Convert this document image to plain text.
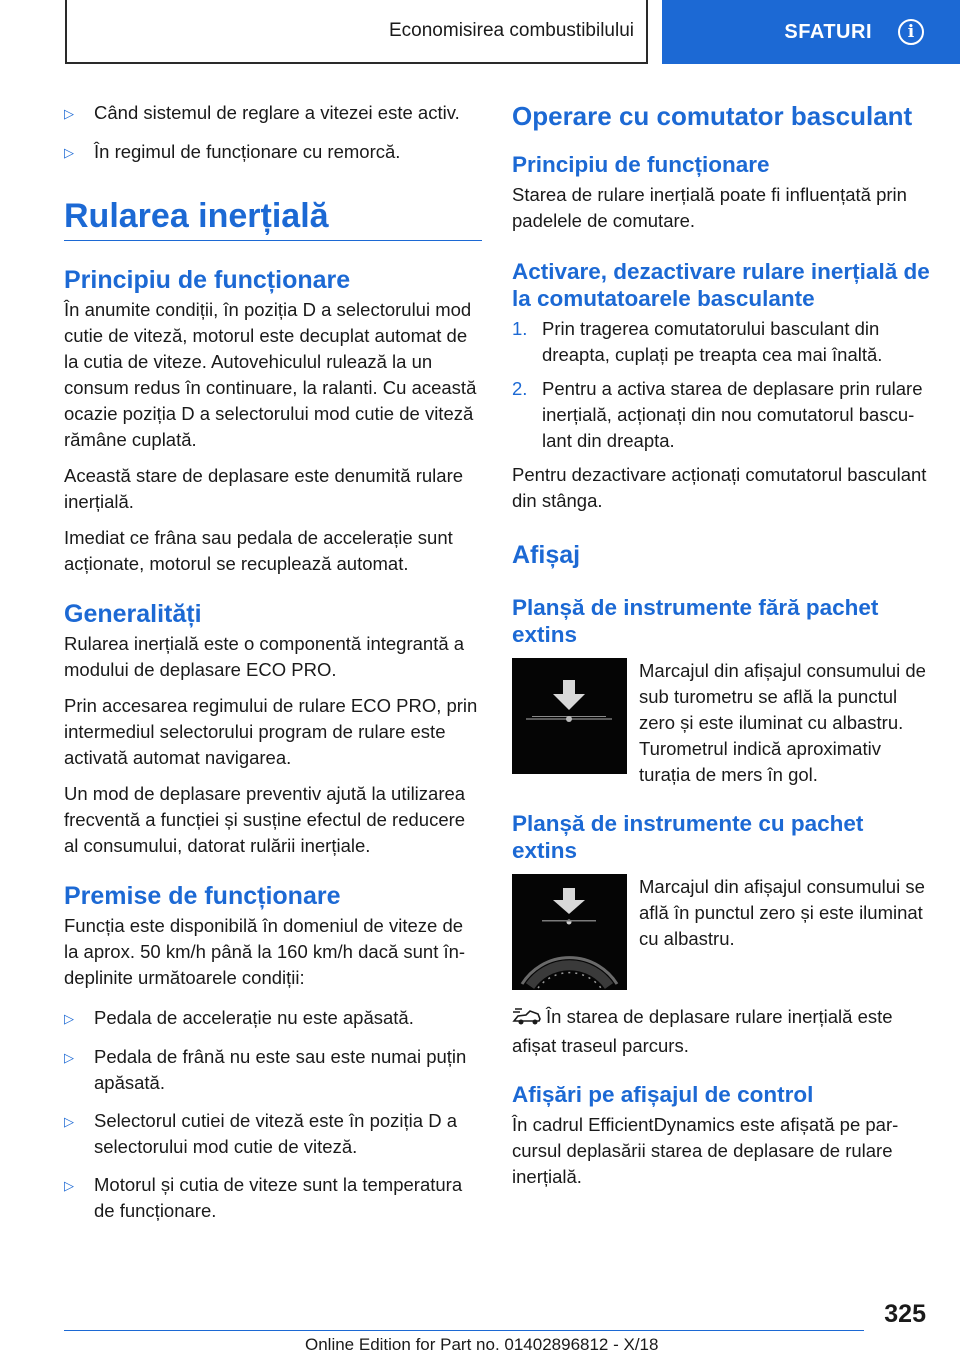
Economisirea combustibilului	SFATURI	i
▷	Când sistemul de reglare a vitezei este activ.
▷	În regimul de funcționare cu remorcă.
Rularea inerțială
Principiu de funcționare

În anumite condiții, în poziția D a selectorului mod cutie de viteză, motorul este decuplat automat de la cutia de viteze. Autovehiculul rulează la un consum redus în continuare, la ralanti. Cu această ocazie poziția D a selectorului mod cutie de viteză rămâne cuplată.

Această stare de deplasare este denumită rulare inerțială.

Imediat ce frâna sau pedala de accelerație sunt acționate, motorul se recuplează automat.

Generalități

Rularea inerțială este o componentă integrantă a modului de deplasare ECO PRO.

Prin accesarea regimului de rulare ECO PRO, prin intermediul selectorului program de rulare este activată automat navigarea.

Un mod de deplasare preventiv ajută la utilizarea frecventă a funcției și susține efectul de reducere al consumului, datorat rulării inerțiale.

Premise de funcționare

Funcția este disponibilă în domeniul de viteze de la aprox. 50 km/h până la 160 km/h dacă sunt îndeplinite următoarele condiții:

▷	Pedala de accelerație nu este apăsată.
▷	Pedala de frână nu este sau este numai puțin apăsată.
▷	Selectorul cutiei de viteză este în poziția D a selectorului mod cutie de viteză.
▷	Motorul și cutia de viteze sunt la temperatura de funcționare.
Operare cu comutator basculant
Principiu de funcționare

Starea de rulare inerțială poate fi influențată prin padelele de comutare.

Activare, dezactivare rulare inerțială de la comutatoarele basculante
1. Prin tragerea comutatorului basculant din dreapta, cuplați pe treapta cea mai înaltă.
2. Pentru a activa starea de deplasare prin rulare inerțială, acționați din nou comutatorul basculant din dreapta.

Pentru dezactivare acționați comutatorul basculant din stânga.

Afișaj
Planșă de instrumente fără pachet extins
Marcajul din afișajul consumului de sub turometru se află la punctul zero și este iluminat cu albastru. Turometrul indică aproximativ turația de mers în gol.
Planșă de instrumente cu pachet extins
Marcajul din afișajul consumului se află în punctul zero și este iluminat cu albastru.

În starea de deplasare rulare inerțială este afișat traseul parcurs.

Afișări pe afișajul de control

În cadrul EfficientDynamics este afișată pe parcursul deplasării starea de deplasare de rulare inerțială.

325
Online Edition for Part no. 01402896812 - X/18
